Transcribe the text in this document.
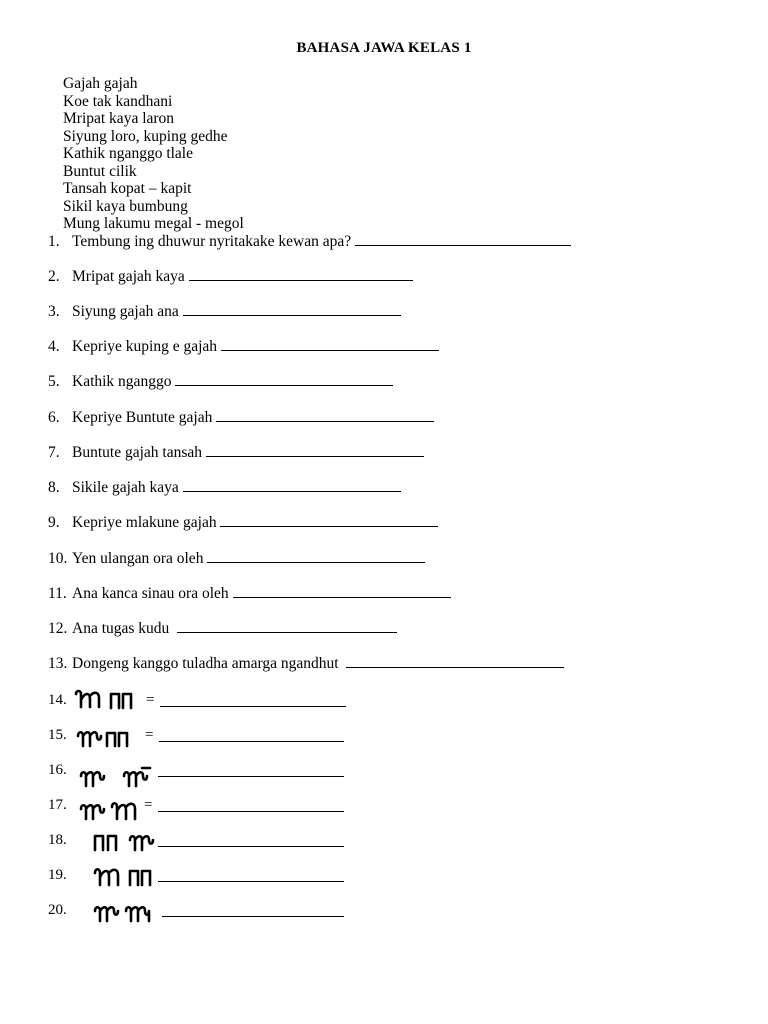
BAHASA JAWA KELAS 1
Gajah gajah
Koe tak kandhani
Mripat kaya laron
Siyung loro, kuping gedhe
Kathik nganggo tlale
Buntut cilik
Tansah kopat – kapit
Sikil kaya bumbung
Mung lakumu megal - megol
1. Tembung ing dhuwur nyritakake kewan apa?
2. Mripat gajah kaya
3. Siyung gajah ana
4. Kepriye kuping e gajah
5. Kathik nganggo
6. Kepriye Buntute gajah
7. Buntute gajah tansah
8. Sikile gajah kaya
9. Kepriye mlakune gajah
10. Yen ulangan ora oleh
11. Ana kanca sinau ora oleh
12. Ana tugas kudu
13. Dongeng kanggo tuladha amarga ngandhut
14.	=
15.	=
16.
17.	=
18.
19.
20.
